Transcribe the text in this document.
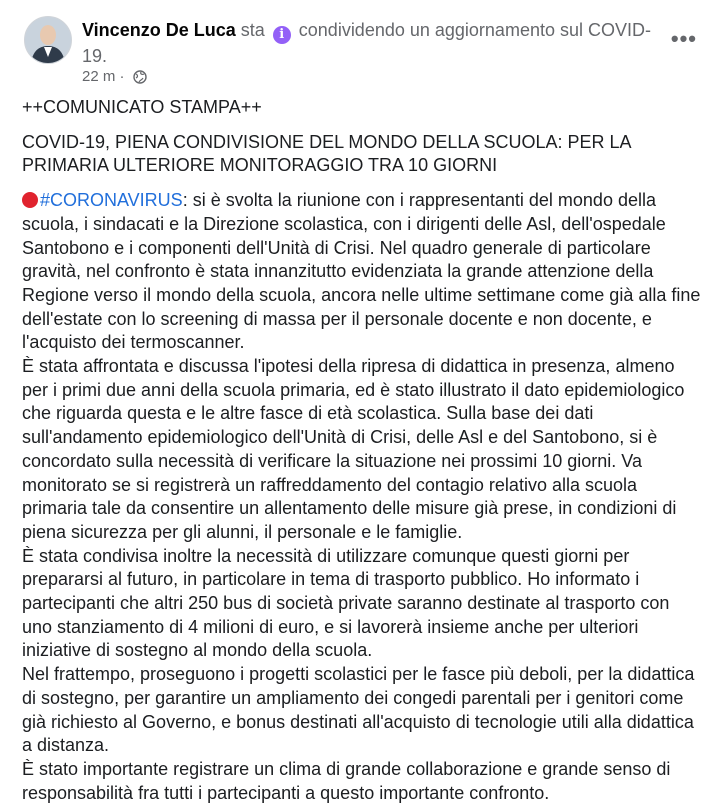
Vincenzo De Luca sta i condividendo un aggiornamento sul COVID-19.
22 m ·
•••

++COMUNICATO STAMPA++

COVID-19, PIENA CONDIVISIONE DEL MONDO DELLA SCUOLA: PER LA PRIMARIA ULTERIORE MONITORAGGIO TRA 10 GIORNI

#CORONAVIRUS: si è svolta la riunione con i rappresentanti del mondo della scuola, i sindacati e la Direzione scolastica, con i dirigenti delle Asl, dell'ospedale Santobono e i componenti dell'Unità di Crisi. Nel quadro generale di particolare gravità, nel confronto è stata innanzitutto evidenziata la grande attenzione della Regione verso il mondo della scuola, ancora nelle ultime settimane come già alla fine dell'estate con lo screening di massa per il personale docente e non docente, e l'acquisto dei termoscanner.

È stata affrontata e discussa l'ipotesi della ripresa di didattica in presenza, almeno per i primi due anni della scuola primaria, ed è stato illustrato il dato epidemiologico che riguarda questa e le altre fasce di età scolastica. Sulla base dei dati sull'andamento epidemiologico dell'Unità di Crisi, delle Asl e del Santobono, si è concordato sulla necessità di verificare la situazione nei prossimi 10 giorni. Va monitorato se si registrerà un raffreddamento del contagio relativo alla scuola primaria tale da consentire un allentamento delle misure già prese, in condizioni di piena sicurezza per gli alunni, il personale e le famiglie.

È stata condivisa inoltre la necessità di utilizzare comunque questi giorni per prepararsi al futuro, in particolare in tema di trasporto pubblico. Ho informato i partecipanti che altri 250 bus di società private saranno destinate al trasporto con uno stanziamento di 4 milioni di euro, e si lavorerà insieme anche per ulteriori iniziative di sostegno al mondo della scuola.

Nel frattempo, proseguono i progetti scolastici per le fasce più deboli, per la didattica di sostegno, per garantire un ampliamento dei congedi parentali per i genitori come già richiesto al Governo, e bonus destinati all'acquisto di tecnologie utili alla didattica a distanza.

È stato importante registrare un clima di grande collaborazione e grande senso di responsabilità fra tutti i partecipanti a questo importante confronto.
